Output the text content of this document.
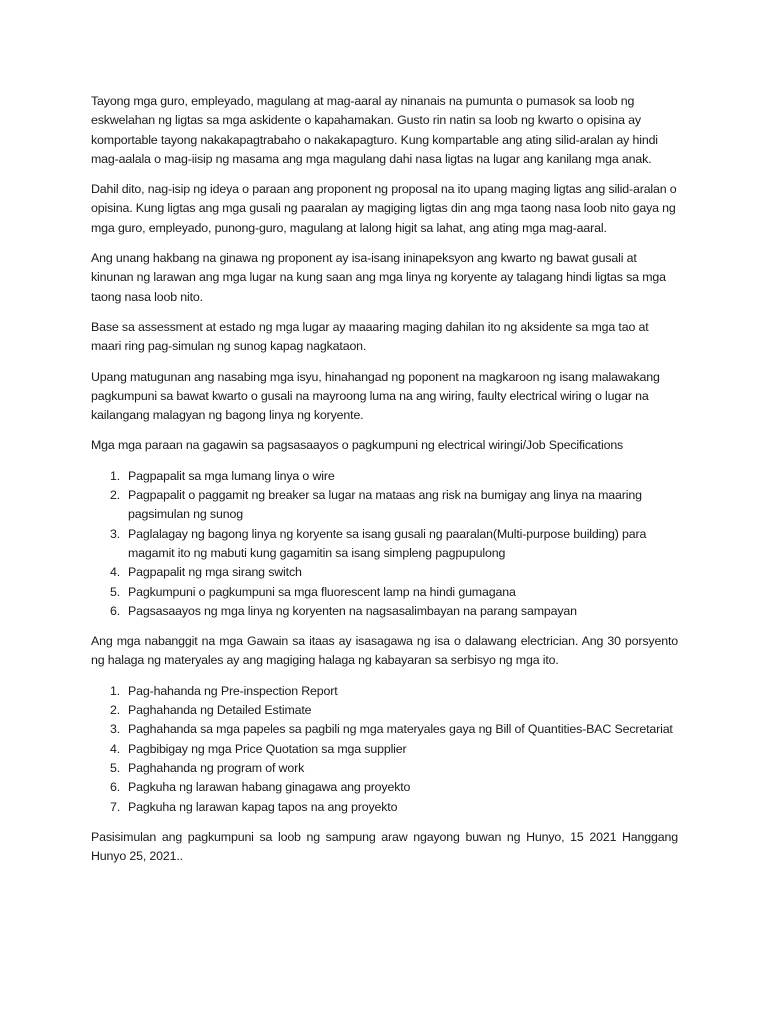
Tayong mga guro, empleyado, magulang at mag-aaral ay ninanais na pumunta o pumasok sa loob ng eskwelahan ng ligtas sa mga askidente o kapahamakan. Gusto rin natin sa loob ng kwarto o opisina ay komportable tayong nakakapagtrabaho o nakakapagturo. Kung kompartable ang ating silid-aralan ay hindi mag-aalala o mag-iisip ng masama ang mga magulang dahi nasa ligtas na lugar ang kanilang mga anak.

Dahil dito, nag-isip ng ideya o paraan ang proponent ng proposal na ito upang maging ligtas ang silid-aralan o opisina. Kung ligtas ang mga gusali ng paaralan ay magiging ligtas din ang mga taong nasa loob nito gaya ng mga guro, empleyado, punong-guro, magulang at lalong higit sa lahat, ang ating mga mag-aaral.

Ang unang hakbang na ginawa ng proponent ay isa-isang ininapeksyon ang kwarto ng bawat gusali at kinunan ng larawan ang mga lugar na kung saan ang mga linya ng koryente ay talagang hindi ligtas sa mga taong nasa loob nito.

Base sa assessment at estado ng mga lugar ay maaaring maging dahilan ito ng aksidente sa mga tao at maari ring pag-simulan ng sunog kapag nagkataon.

Upang matugunan ang nasabing mga isyu, hinahangad ng poponent na magkaroon ng isang malawakang pagkumpuni sa bawat kwarto o gusali na mayroong luma na ang wiring, faulty electrical wiring o lugar na kailangang malagyan ng bagong linya ng koryente.

Mga mga paraan na gagawin sa pagsasaayos o pagkumpuni ng electrical wiringi/Job Specifications

1. Pagpapalit sa mga lumang linya o wire
2. Pagpapalit o paggamit ng breaker sa lugar na mataas ang risk na bumigay ang linya na maaring pagsimulan ng sunog
3. Paglalagay ng bagong linya ng koryente sa isang gusali ng paaralan(Multi-purpose building) para magamit ito ng mabuti kung gagamitin sa isang simpleng pagpupulong
4. Pagpapalit ng mga sirang switch
5. Pagkumpuni o pagkumpuni sa mga fluorescent lamp na hindi gumagana
6. Pagsasaayos ng mga linya ng koryenten na nagsasalimbayan na parang sampayan

Ang mga nabanggit na mga Gawain sa itaas ay isasagawa ng isa o dalawang electrician. Ang 30 porsyento ng halaga ng materyales ay ang magiging halaga ng kabayaran sa serbisyo ng mga ito.

1. Pag-hahanda ng Pre-inspection Report
2. Paghahanda ng Detailed Estimate
3. Paghahanda sa mga papeles sa pagbili ng mga materyales gaya ng Bill of Quantities-BAC Secretariat
4. Pagbibigay ng mga Price Quotation sa mga supplier
5. Paghahanda ng program of work
6. Pagkuha ng larawan habang ginagawa ang proyekto
7. Pagkuha ng larawan kapag tapos na ang proyekto

Pasisimulan ang pagkumpuni sa loob ng sampung araw ngayong buwan ng Hunyo, 15 2021 Hanggang Hunyo 25, 2021..
